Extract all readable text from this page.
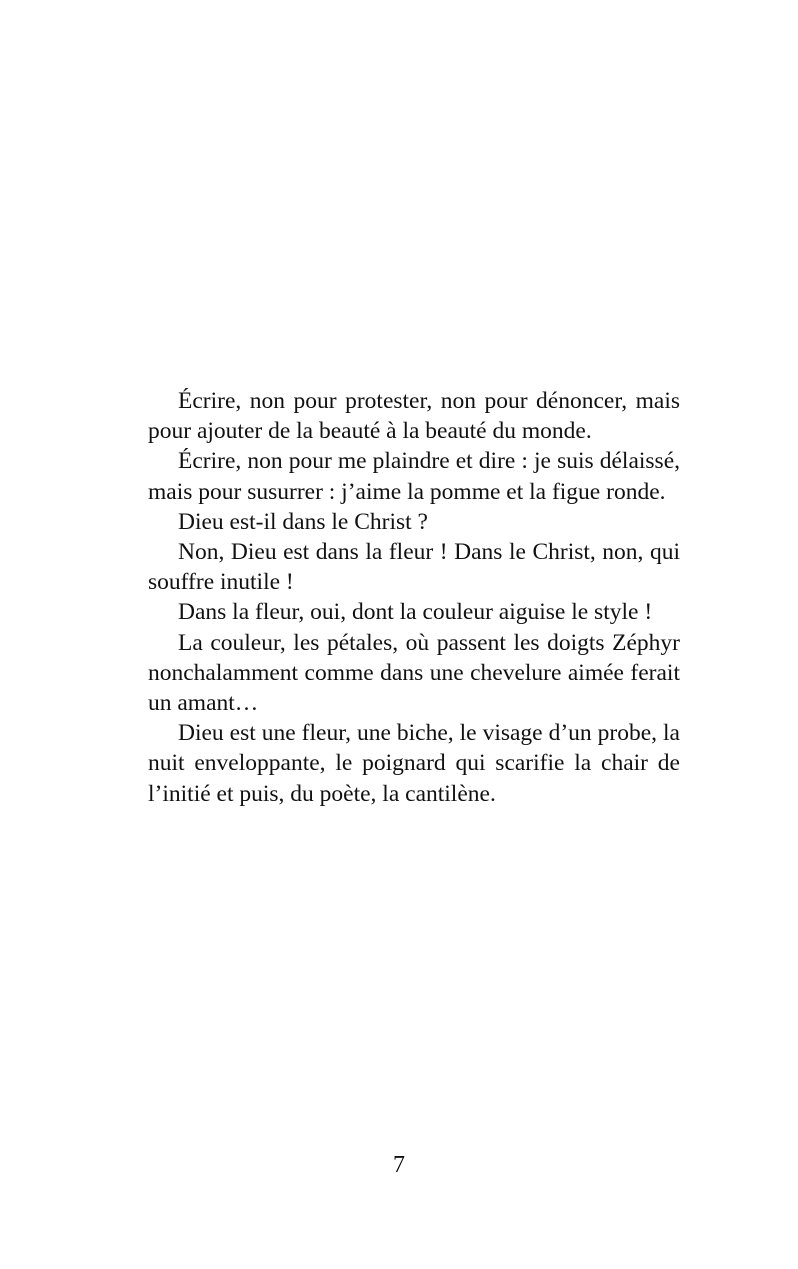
Écrire, non pour protester, non pour dénoncer, mais
pour ajouter de la beauté à la beauté du monde.
Écrire, non pour me plaindre et dire : je suis délaissé,
mais pour susurrer : j’aime la pomme et la figue ronde.
Dieu est-il dans le Christ ?
Non, Dieu est dans la fleur ! Dans le Christ, non, qui
souffre inutile !
Dans la fleur, oui, dont la couleur aiguise le style !
La couleur, les pétales, où passent les doigts Zéphyr
nonchalamment comme dans une chevelure aimée ferait
un amant…
Dieu est une fleur, une biche, le visage d’un probe, la
nuit enveloppante, le poignard qui scarifie la chair de
l’initié et puis, du poète, la cantilène.
7
